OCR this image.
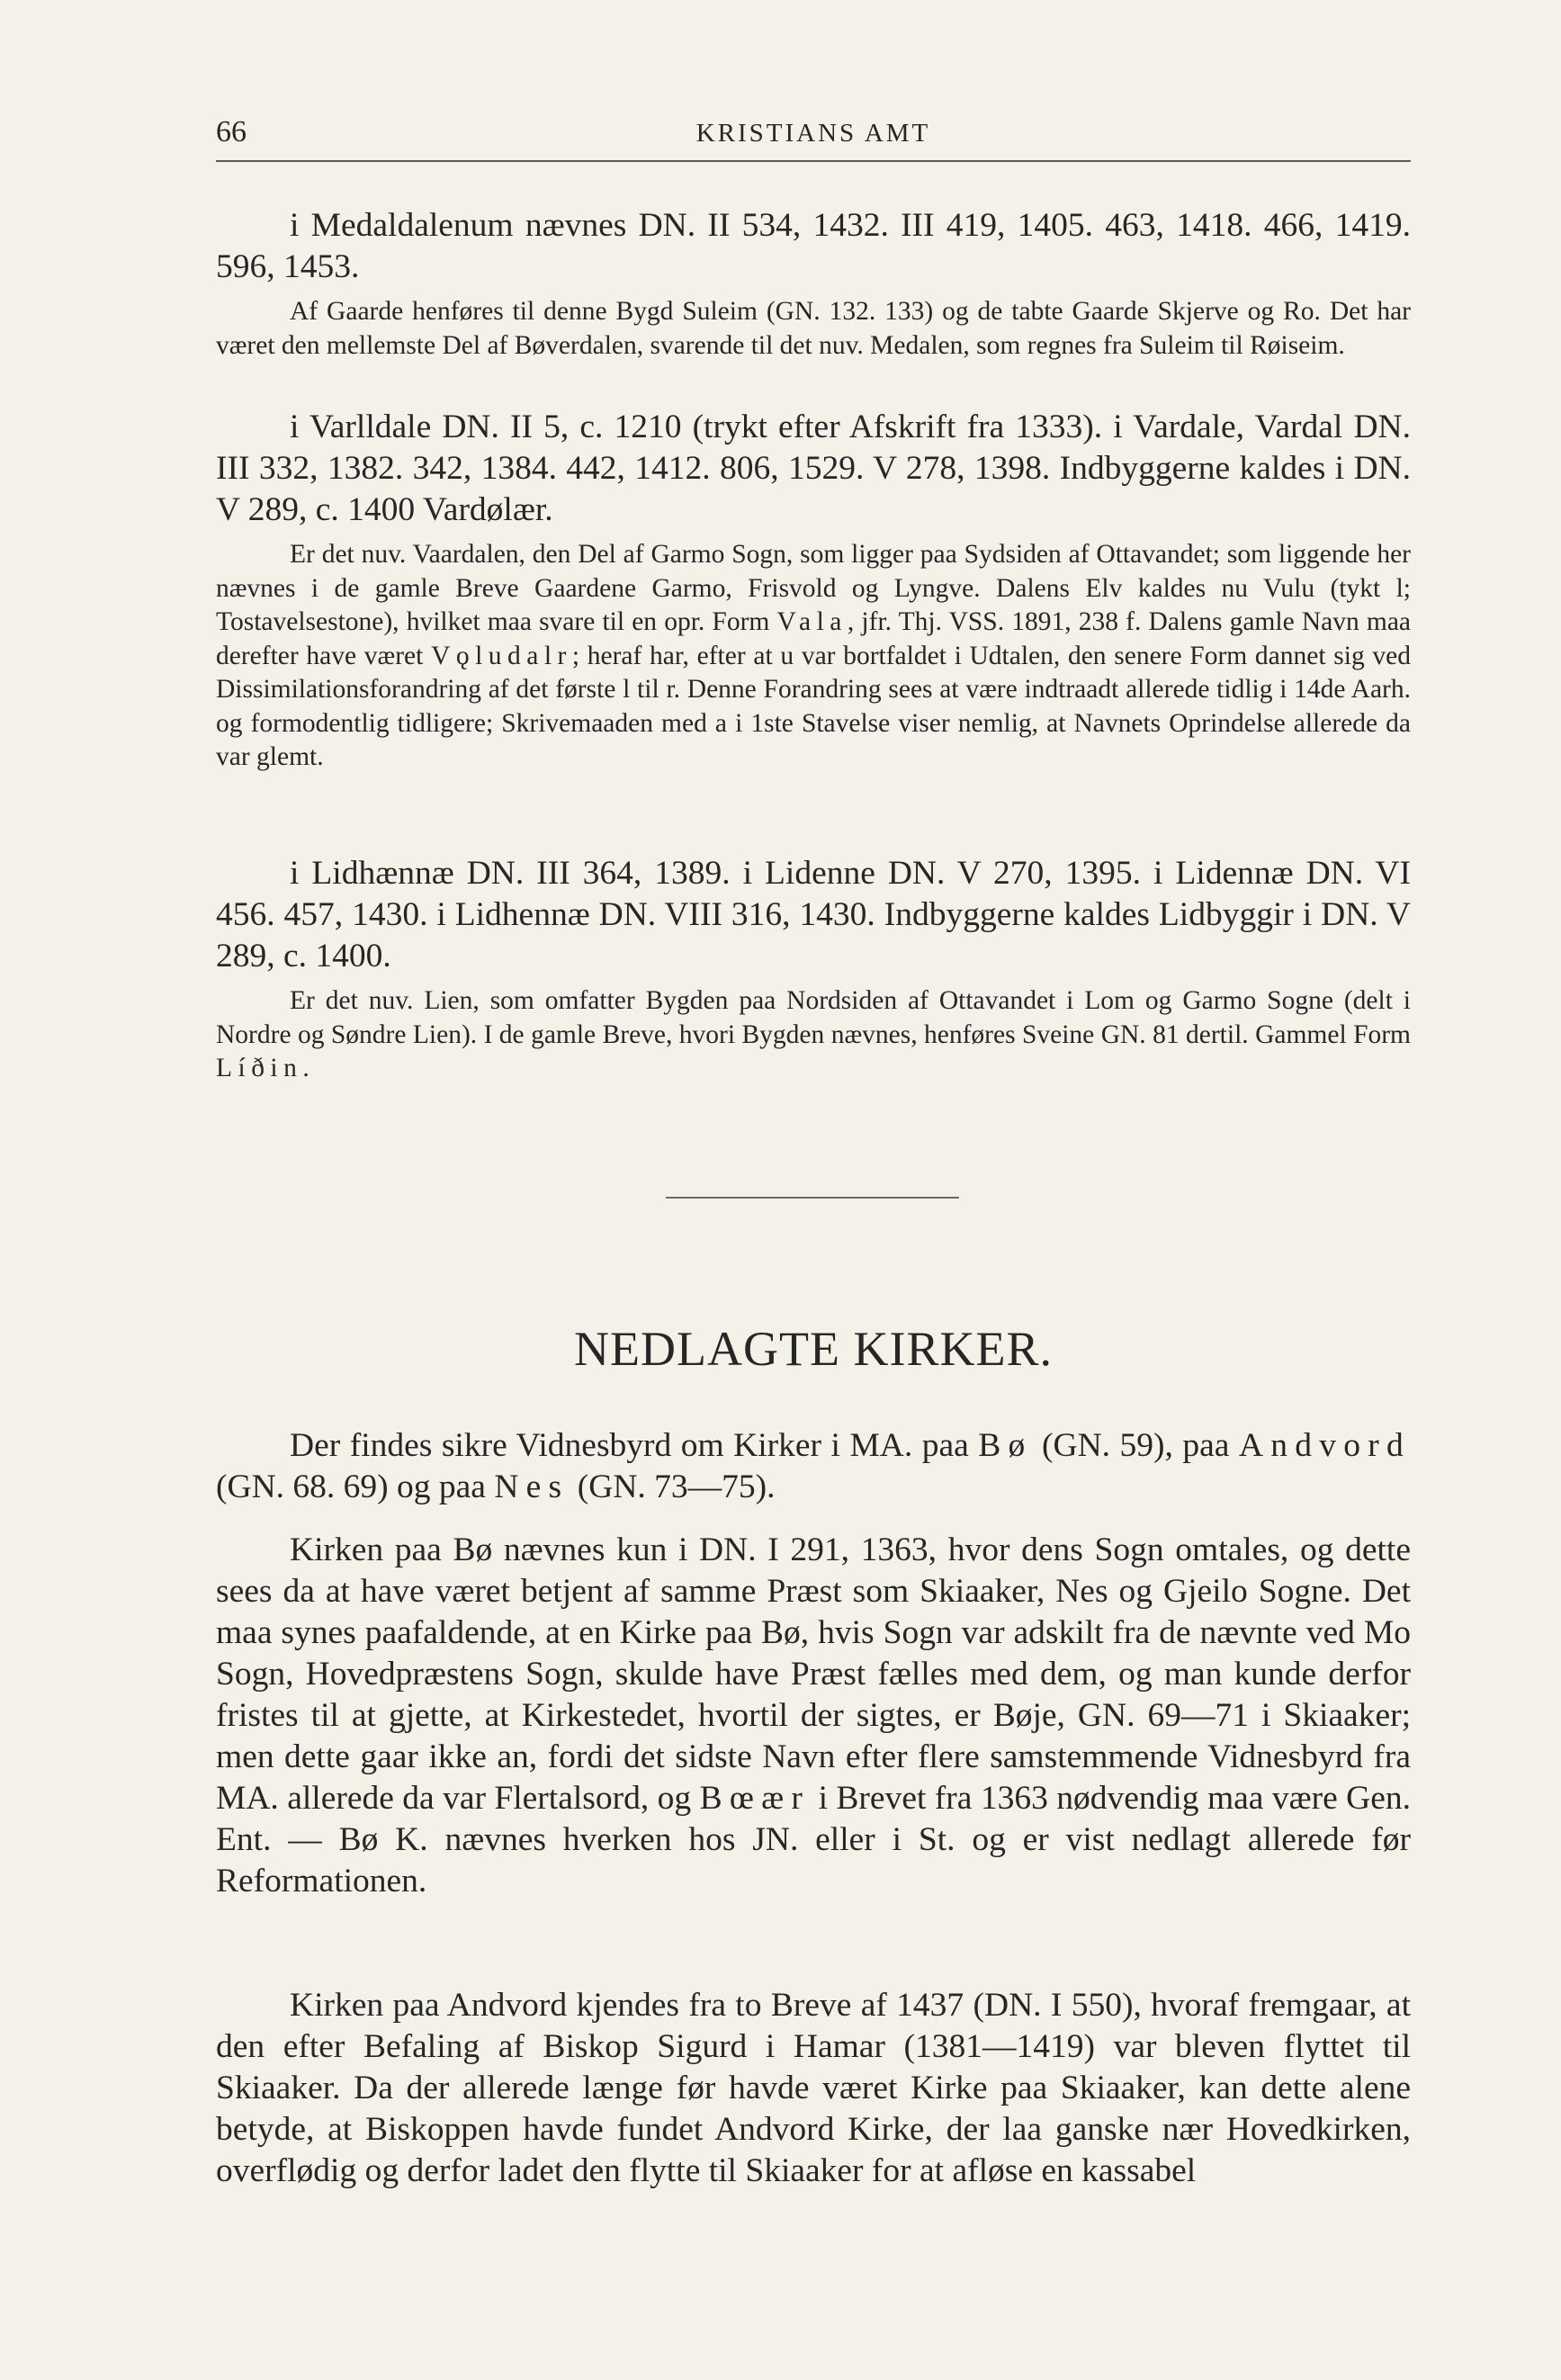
66	KRISTIANS AMT

i Medaldalenum nævnes DN. II 534, 1432. III 419, 1405. 463, 1418. 466, 1419. 596, 1453.

Af Gaarde henføres til denne Bygd Suleim (GN. 132. 133) og de tabte Gaarde Skjerve og Ro. Det har været den mellemste Del af Bøverdalen, svarende til det nuv. Medalen, som regnes fra Suleim til Røiseim.

i Varlldale DN. II 5, c. 1210 (trykt efter Afskrift fra 1333). i Vardale, Vardal DN. III 332, 1382. 342, 1384. 442, 1412. 806, 1529. V 278, 1398. Indbyggerne kaldes i DN. V 289, c. 1400 Vardølær.

Er det nuv. Vaardalen, den Del af Garmo Sogn, som ligger paa Sydsiden af Ottavandet; som liggende her nævnes i de gamle Breve Gaardene Garmo, Frisvold og Lyngve. Dalens Elv kaldes nu Vulu (tykt l; Tostavelsestone), hvilket maa svare til en opr. Form Vala, jfr. Thj. VSS. 1891, 238 f. Dalens gamle Navn maa derefter have været Vǫludalr; heraf har, efter at u var bortfaldet i Udtalen, den senere Form dannet sig ved Dissimilationsforandring af det første l til r. Denne Forandring sees at være indtraadt allerede tidlig i 14de Aarh. og formodentlig tidligere; Skrivemaaden med a i 1ste Stavelse viser nemlig, at Navnets Oprindelse allerede da var glemt.

i Lidhænnæ DN. III 364, 1389. i Lidenne DN. V 270, 1395. i Lidennæ DN. VI 456. 457, 1430. i Lidhennæ DN. VIII 316, 1430. Indbyggerne kaldes Lidbyggir i DN. V 289, c. 1400.

Er det nuv. Lien, som omfatter Bygden paa Nordsiden af Ottavandet i Lom og Garmo Sogne (delt i Nordre og Søndre Lien). I de gamle Breve, hvori Bygden nævnes, henføres Sveine GN. 81 dertil. Gammel Form Líðin.

NEDLAGTE KIRKER.

Der findes sikre Vidnesbyrd om Kirker i MA. paa Bø (GN. 59), paa Andvord (GN. 68. 69) og paa Nes (GN. 73—75).

Kirken paa Bø nævnes kun i DN. I 291, 1363, hvor dens Sogn omtales, og dette sees da at have været betjent af samme Præst som Skiaaker, Nes og Gjeilo Sogne. Det maa synes paafaldende, at en Kirke paa Bø, hvis Sogn var adskilt fra de nævnte ved Mo Sogn, Hovedpræstens Sogn, skulde have Præst fælles med dem, og man kunde derfor fristes til at gjette, at Kirkestedet, hvortil der sigtes, er Bøje, GN. 69—71 i Skiaaker; men dette gaar ikke an, fordi det sidste Navn efter flere samstemmende Vidnesbyrd fra MA. allerede da var Flertalsord, og Bœær i Brevet fra 1363 nødvendig maa være Gen. Ent. — Bø K. nævnes hverken hos JN. eller i St. og er vist nedlagt allerede før Reformationen.

Kirken paa Andvord kjendes fra to Breve af 1437 (DN. I 550), hvoraf fremgaar, at den efter Befaling af Biskop Sigurd i Hamar (1381—1419) var bleven flyttet til Skiaaker. Da der allerede længe før havde været Kirke paa Skiaaker, kan dette alene betyde, at Biskoppen havde fundet Andvord Kirke, der laa ganske nær Hovedkirken, overflødig og derfor ladet den flytte til Skiaaker for at afløse en kassabel
